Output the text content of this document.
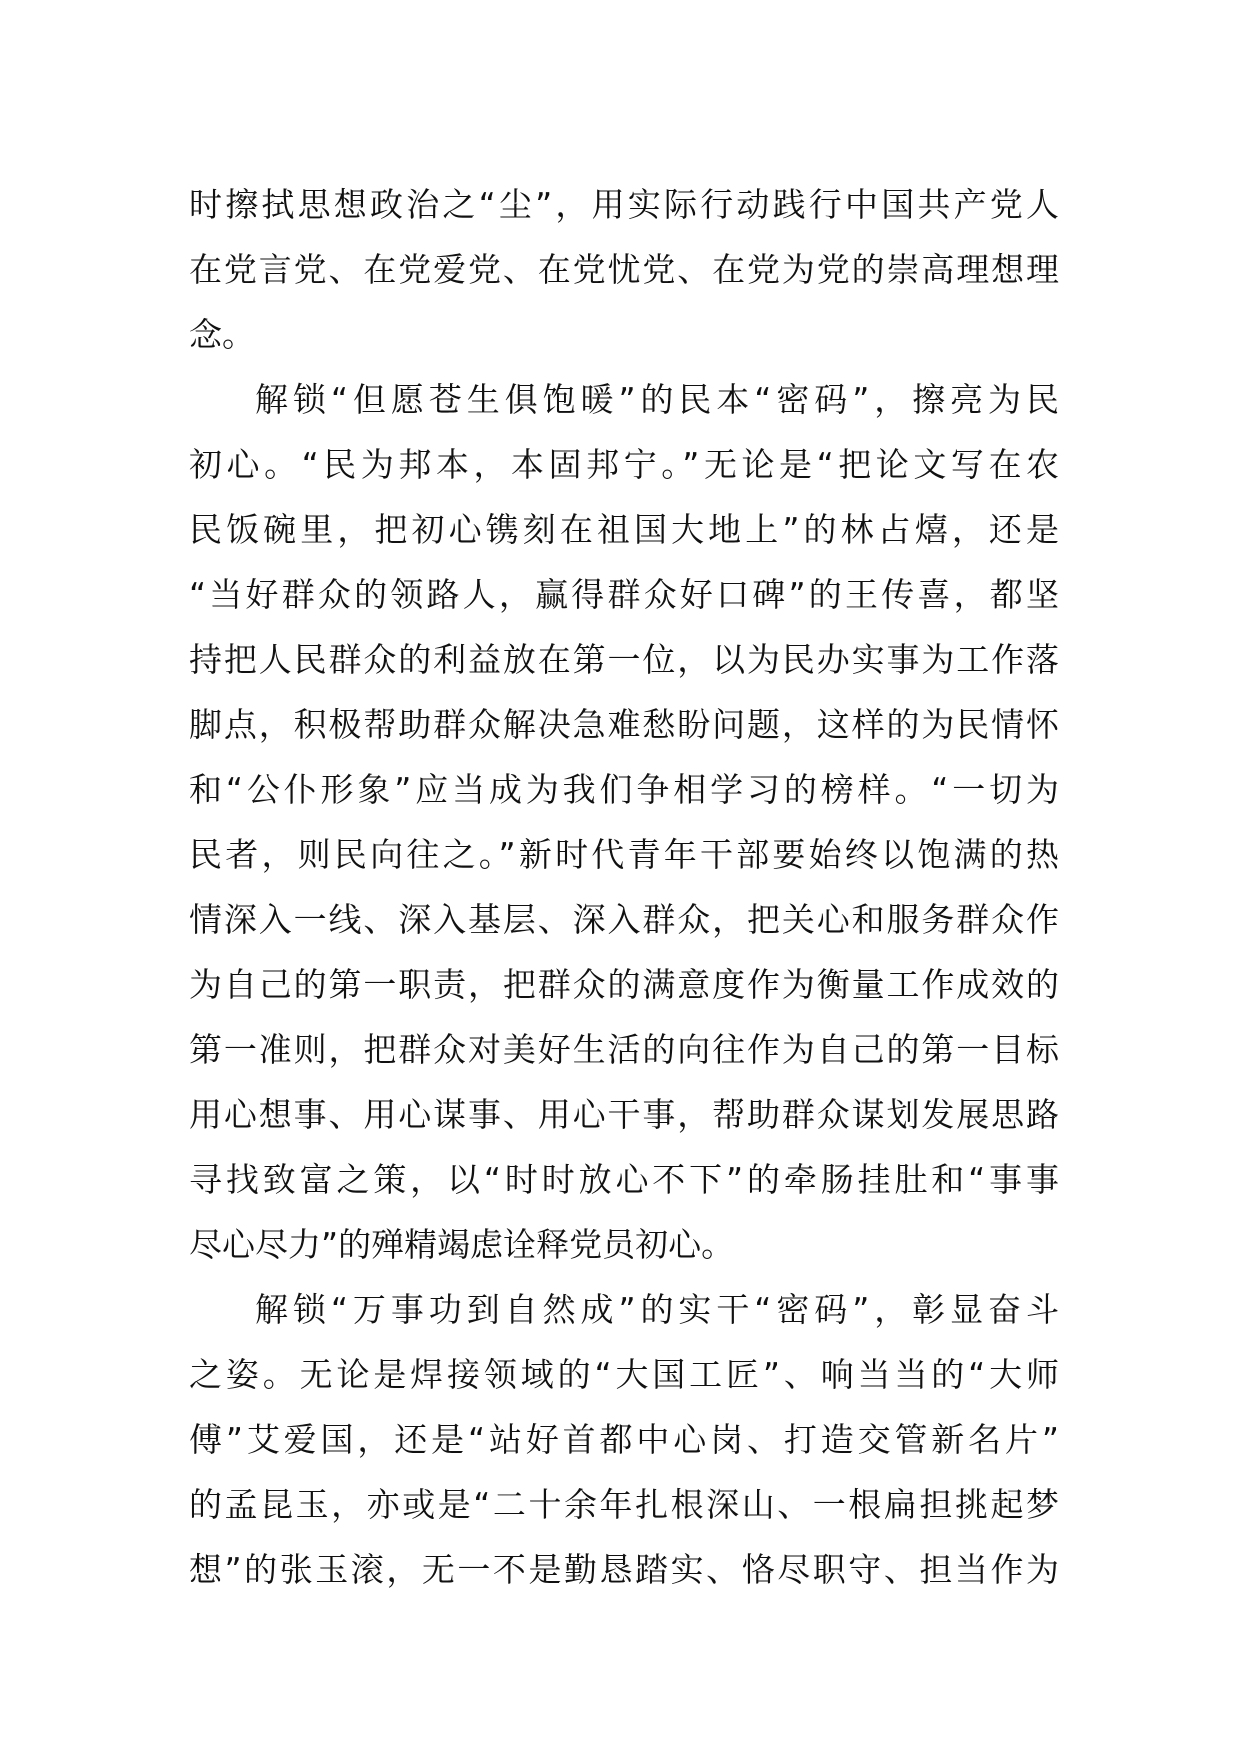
时擦拭思想政治之“尘”，用实际行动践行中国共产党人
在党言党、在党爱党、在党忧党、在党为党的崇高理想理
念。
解锁“但愿苍生俱饱暖”的民本“密码”，擦亮为民
初心。“民为邦本，本固邦宁。”无论是“把论文写在农
民饭碗里，把初心镌刻在祖国大地上”的林占熺，还是
“当好群众的领路人，赢得群众好口碑”的王传喜，都坚
持把人民群众的利益放在第一位，以为民办实事为工作落
脚点，积极帮助群众解决急难愁盼问题，这样的为民情怀
和“公仆形象”应当成为我们争相学习的榜样。“一切为
民者，则民向往之。”新时代青年干部要始终以饱满的热
情深入一线、深入基层、深入群众，把关心和服务群众作
为自己的第一职责，把群众的满意度作为衡量工作成效的
第一准则，把群众对美好生活的向往作为自己的第一目标
用心想事、用心谋事、用心干事，帮助群众谋划发展思路
寻找致富之策，以“时时放心不下”的牵肠挂肚和“事事
尽心尽力”的殚精竭虑诠释党员初心。
解锁“万事功到自然成”的实干“密码”，彰显奋斗
之姿。无论是焊接领域的“大国工匠”、响当当的“大师
傅”艾爱国，还是“站好首都中心岗、打造交管新名片”
的孟昆玉，亦或是“二十余年扎根深山、一根扁担挑起梦
想”的张玉滚，无一不是勤恳踏实、恪尽职守、担当作为
